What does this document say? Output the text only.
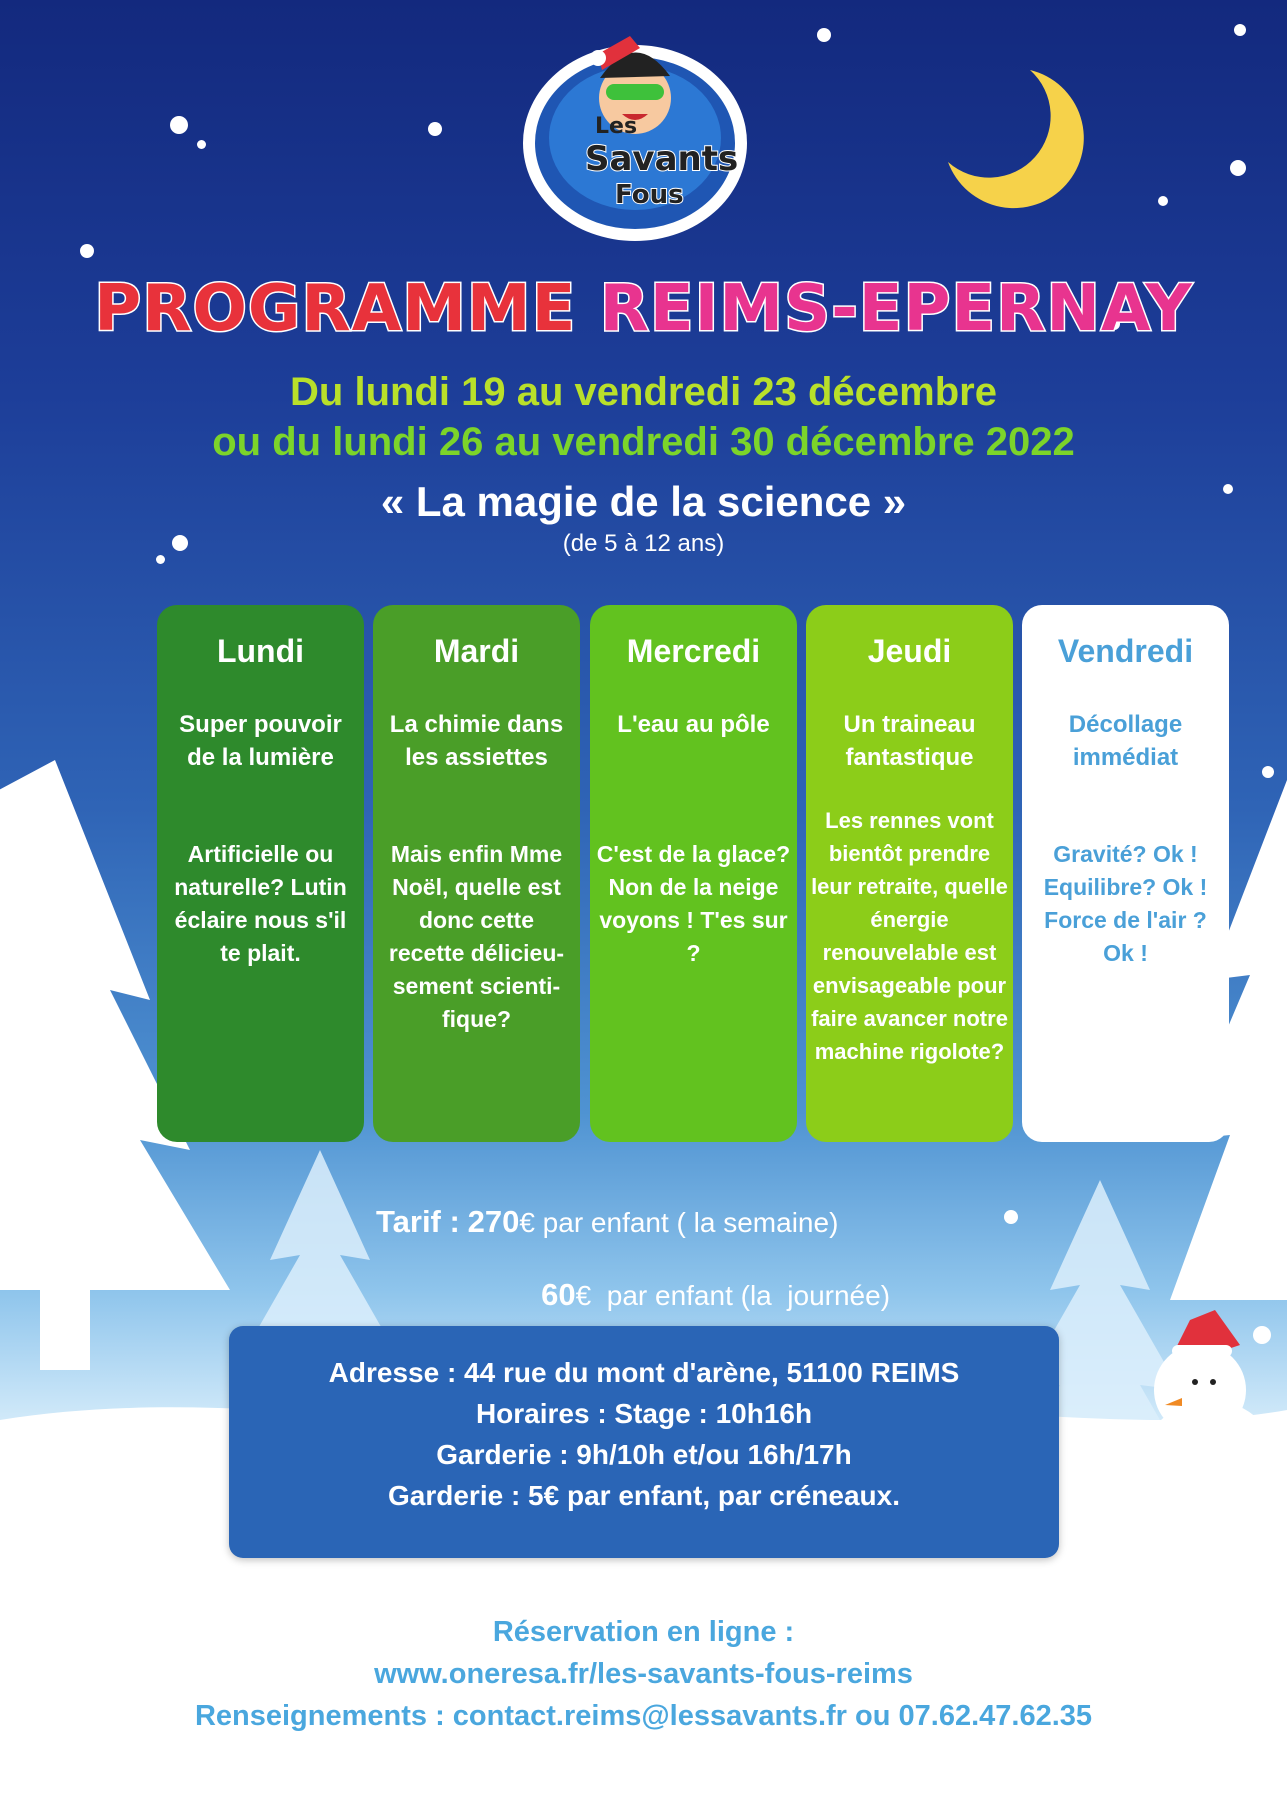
Les
Savants
Fous
PROGRAMME REIMS-EPERNAY
Du lundi 19 au vendredi 23 décembre
ou du lundi 26 au vendredi 30 décembre 2022
« La magie de la science »
(de 5 à 12 ans)
Lundi
Super pouvoir de la lumière
Artificielle ou naturelle? Lutin éclaire nous s'il te plait.
Mardi
La chimie dans les assiettes
Mais enfin Mme Noël, quelle est donc cette recette délicieu-sement scienti-fique?
Mercredi
L'eau au pôle
C'est de la glace? Non de la neige voyons ! T'es sur ?
Jeudi
Un traineau fantastique
Les rennes vont bientôt prendre leur retraite, quelle énergie renouvelable est envisageable pour faire avancer notre machine rigolote?
Vendredi
Décollage immédiat
Gravité? Ok ! Equilibre? Ok ! Force de l'air ? Ok !
Tarif : 270€ par enfant ( la semaine)

60€  par enfant (la  journée)

Adresse : 44 rue du mont d'arène, 51100 REIMS
Horaires : Stage : 10h16h
Garderie : 9h/10h et/ou 16h/17h
Garderie : 5€ par enfant, par créneaux.
Réservation en ligne :
www.oneresa.fr/les-savants-fous-reims
Renseignements : contact.reims@lessavants.fr ou 07.62.47.62.35
